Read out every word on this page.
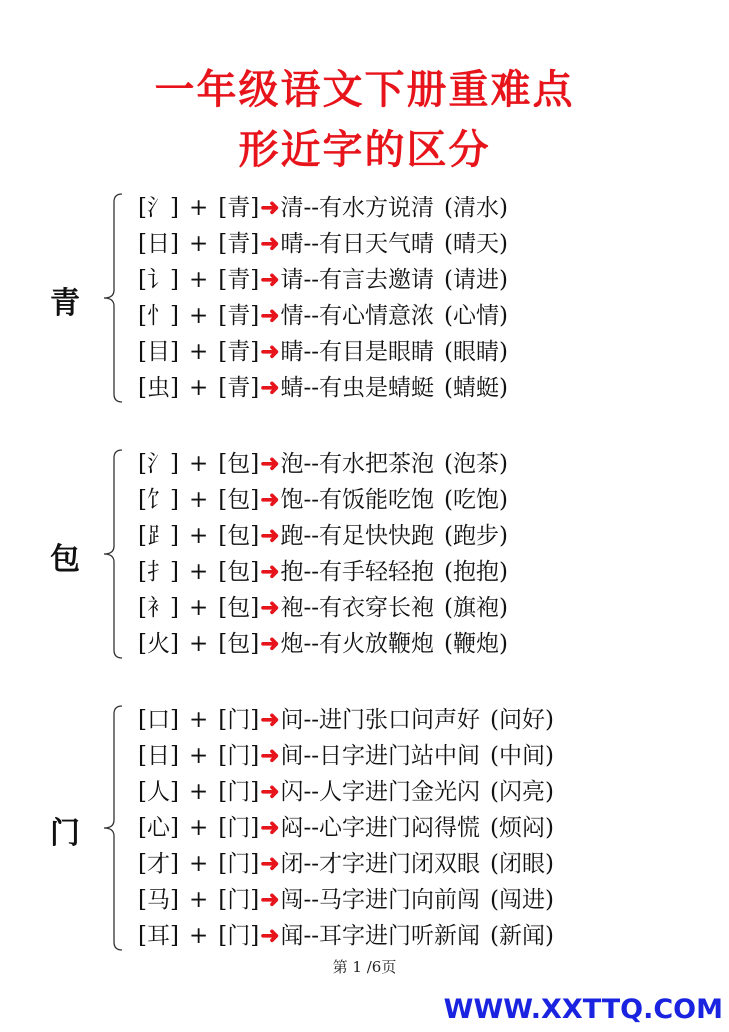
一年级语文下册重难点
形近字的区分
青
[氵] + [青]➜清--有水方说清 (清水)
[日] + [青]➜晴--有日天气晴 (晴天)
[讠] + [青]➜请--有言去邀请 (请进)
[忄] + [青]➜情--有心情意浓 (心情)
[目] + [青]➜睛--有目是眼睛 (眼睛)
[虫] + [青]➜蜻--有虫是蜻蜓 (蜻蜓)
包
[氵] + [包]➜泡--有水把茶泡 (泡茶)
[饣] + [包]➜饱--有饭能吃饱 (吃饱)
[⻊] + [包]➜跑--有足快快跑 (跑步)
[扌] + [包]➜抱--有手轻轻抱 (抱抱)
[衤] + [包]➜袍--有衣穿长袍 (旗袍)
[火] + [包]➜炮--有火放鞭炮 (鞭炮)
门
[口] + [门]➜问--进门张口问声好 (问好)
[日] + [门]➜间--日字进门站中间 (中间)
[人] + [门]➜闪--人字进门金光闪 (闪亮)
[心] + [门]➜闷--心字进门闷得慌 (烦闷)
[才] + [门]➜闭--才字进门闭双眼 (闭眼)
[马] + [门]➜闯--马字进门向前闯 (闯进)
[耳] + [门]➜闻--耳字进门听新闻 (新闻)
第 1 /6页
WWW.XXTTQ.COM
